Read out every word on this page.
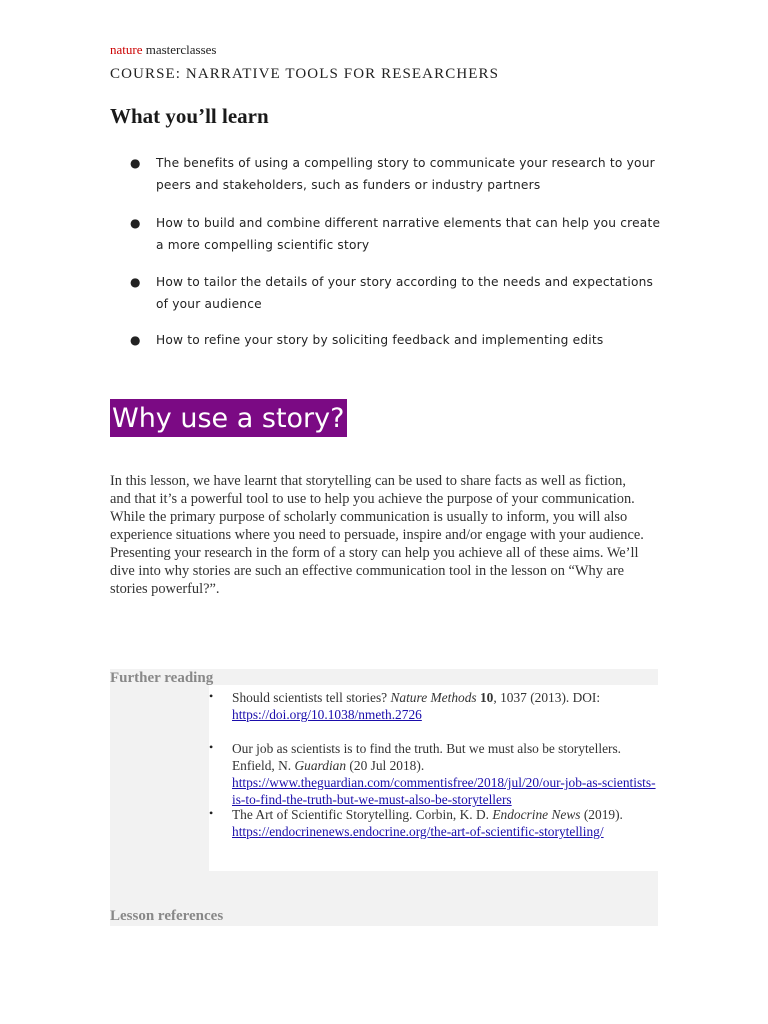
nature masterclasses
COURSE: NARRATIVE TOOLS FOR RESEARCHERS
What you’ll learn
● The benefits of using a compelling story to communicate your research to your
peers and stakeholders, such as funders or industry partners
● How to build and combine different narrative elements that can help you create
a more compelling scientific story
● How to tailor the details of your story according to the needs and expectations
of your audience
● How to refine your story by soliciting feedback and implementing edits
Why use a story?

In this lesson, we have learnt that storytelling can be used to share facts as well as fiction, and that it’s a powerful tool to use to help you achieve the purpose of your communication. While the primary purpose of scholarly communication is usually to inform, you will also experience situations where you need to persuade, inspire and/or engage with your audience. Presenting your research in the form of a story can help you achieve all of these aims. We’ll dive into why stories are such an effective communication tool in the lesson on “Why are stories powerful?”.

Further reading
• Should scientists tell stories? Nature Methods 10, 1037 (2013). DOI: https://doi.org/10.1038/nmeth.2726

• Our job as scientists is to find the truth. But we must also be storytellers. Enfield, N. Guardian (20 Jul 2018). https://www.theguardian.com/commentisfree/2018/jul/20/our-job-as-scientists-is-to-find-the-truth-but-we-must-also-be-storytellers

• The Art of Scientific Storytelling. Corbin, K. D. Endocrine News (2019). https://endocrinenews.endocrine.org/the-art-of-scientific-storytelling/

Lesson references
